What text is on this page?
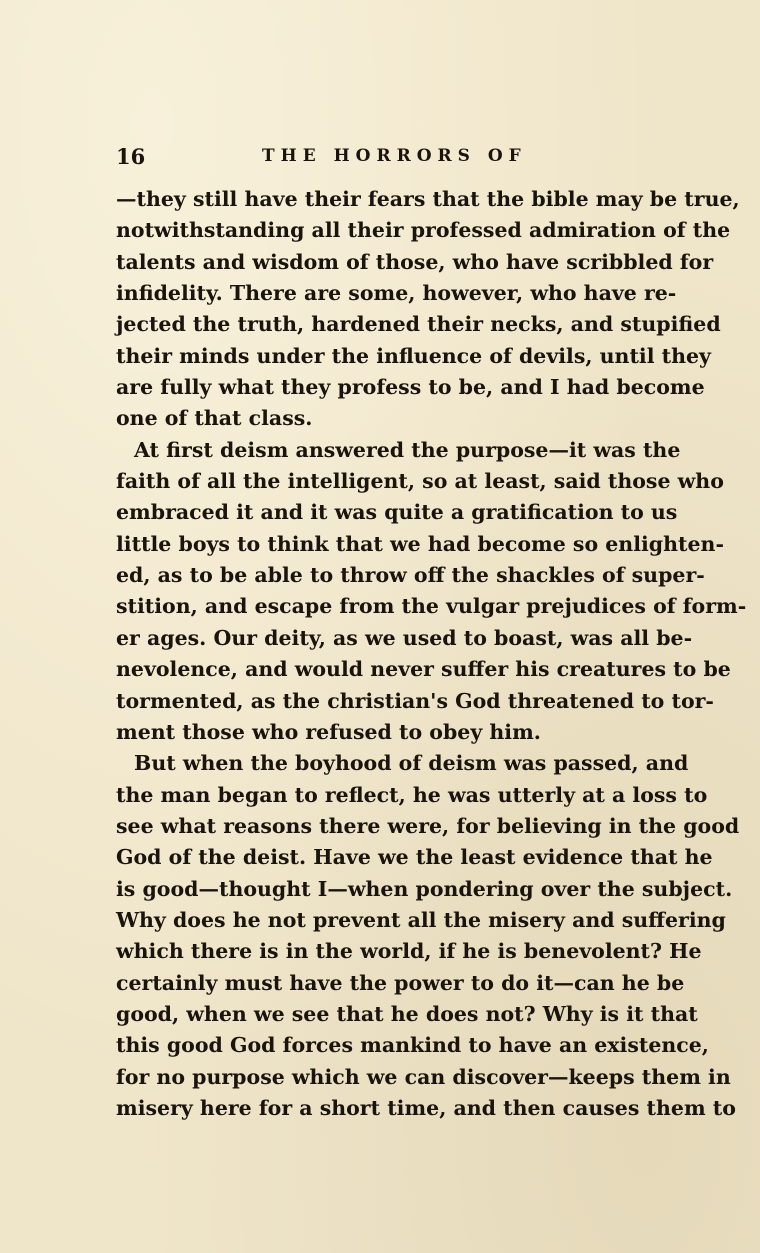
16	THE HORRORS OF
—they still have their fears that the bible may be true,
notwithstanding all their professed admiration of the
talents and wisdom of those, who have scribbled for
infidelity. There are some, however, who have re-
jected the truth, hardened their necks, and stupified
their minds under the influence of devils, until they
are fully what they profess to be, and I had become
one of that class.
At first deism answered the purpose—it was the
faith of all the intelligent, so at least, said those who
embraced it and it was quite a gratification to us
little boys to think that we had become so enlighten-
ed, as to be able to throw off the shackles of super-
stition, and escape from the vulgar prejudices of form-
er ages. Our deity, as we used to boast, was all be-
nevolence, and would never suffer his creatures to be
tormented, as the christian's God threatened to tor-
ment those who refused to obey him.
But when the boyhood of deism was passed, and
the man began to reflect, he was utterly at a loss to
see what reasons there were, for believing in the good
God of the deist. Have we the least evidence that he
is good—thought I—when pondering over the subject.
Why does he not prevent all the misery and suffering
which there is in the world, if he is benevolent? He
certainly must have the power to do it—can he be
good, when we see that he does not? Why is it that
this good God forces mankind to have an existence,
for no purpose which we can discover—keeps them in
misery here for a short time, and then causes them to
